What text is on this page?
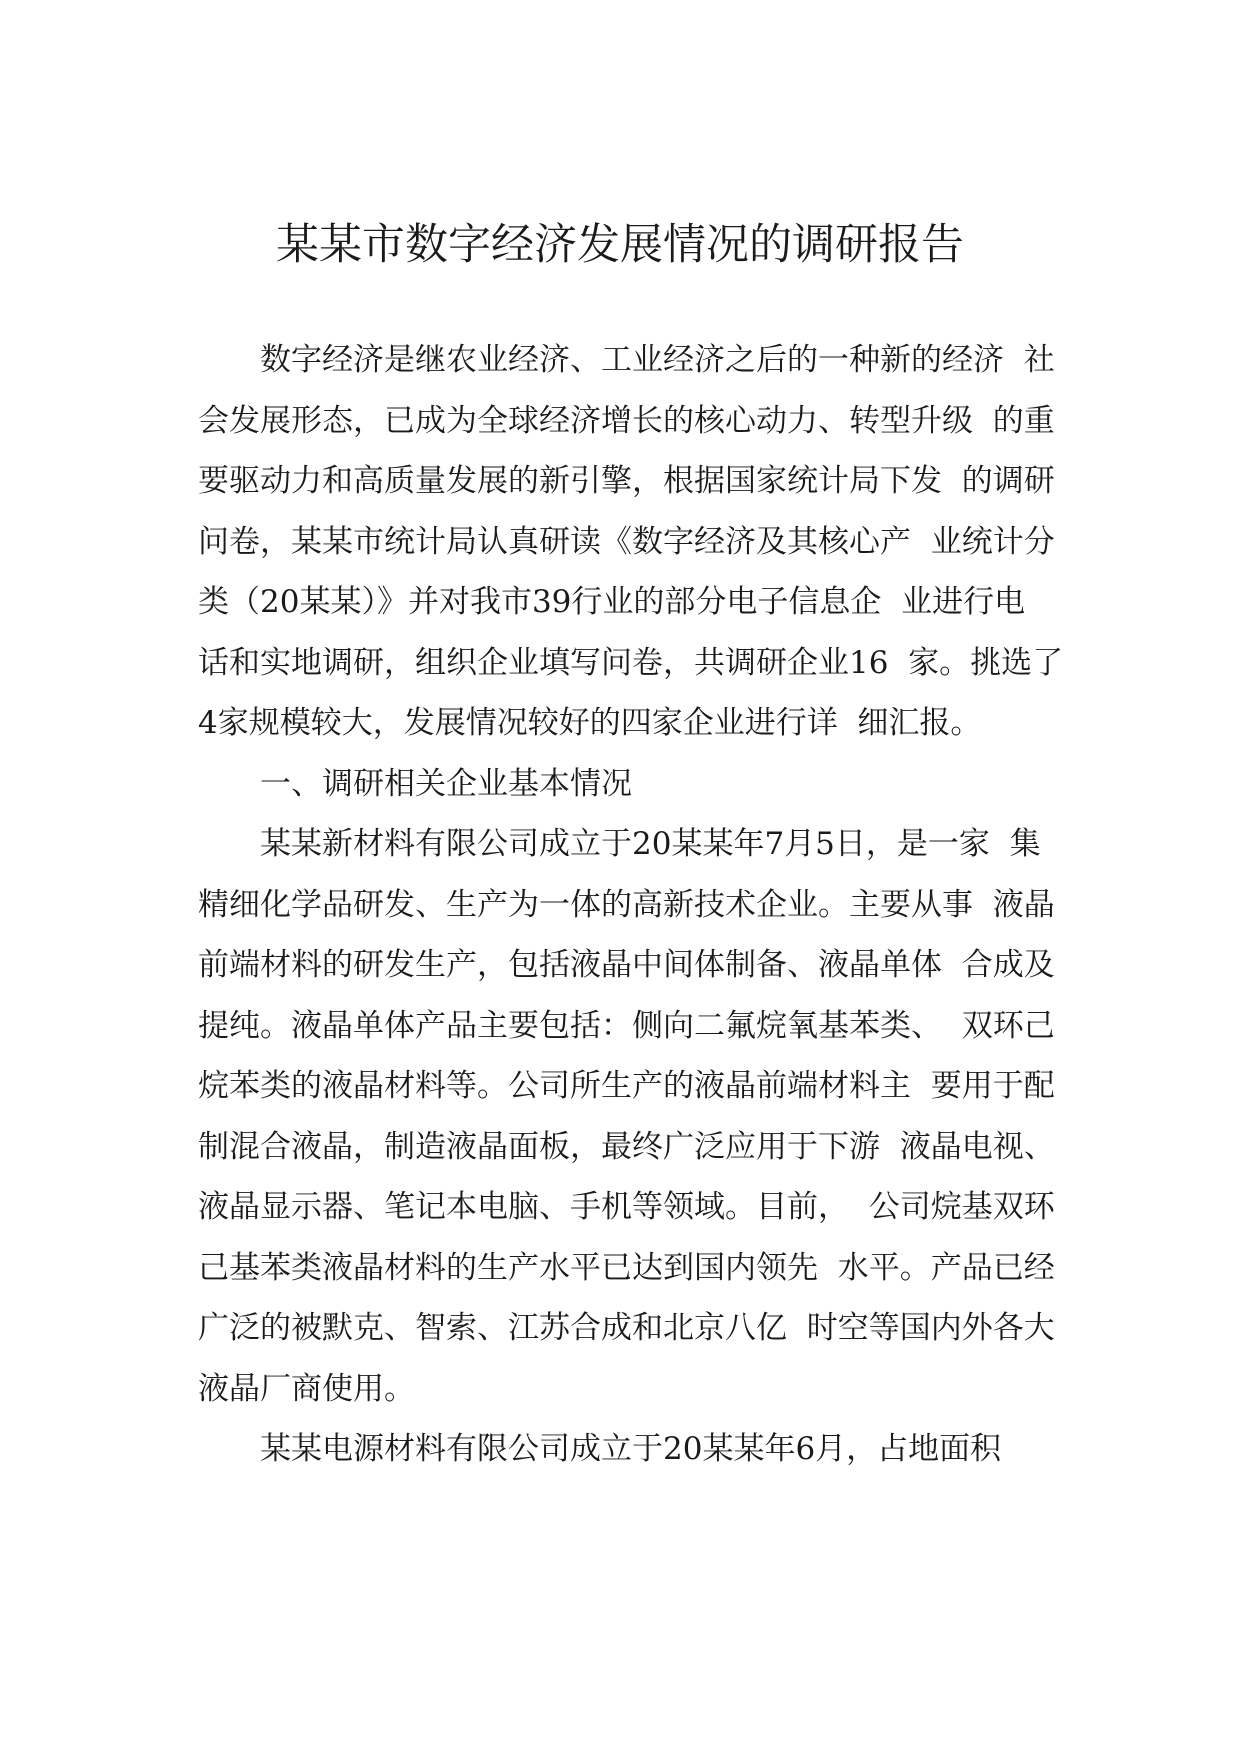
某某市数字经济发展情况的调研报告
数字经济是继农业经济、工业经济之后的一种新的经济  社
会发展形态，已成为全球经济增长的核心动力、转型升级  的重
要驱动力和高质量发展的新引擎，根据国家统计局下发  的调研
问卷，某某市统计局认真研读《数字经济及其核心产  业统计分
类（20某某）》并对我市39行业的部分电子信息企  业进行电
话和实地调研，组织企业填写问卷，共调研企业16  家。挑选了
4家规模较大，发展情况较好的四家企业进行详  细汇报。
一、调研相关企业基本情况
某某新材料有限公司成立于20某某年7月5日，是一家  集
精细化学品研发、生产为一体的高新技术企业。主要从事  液晶
前端材料的研发生产，包括液晶中间体制备、液晶单体  合成及
提纯。液晶单体产品主要包括：侧向二氟烷氧基苯类、  双环己
烷苯类的液晶材料等。公司所生产的液晶前端材料主  要用于配
制混合液晶，制造液晶面板，最终广泛应用于下游  液晶电视、
液晶显示器、笔记本电脑、手机等领域。目前，  公司烷基双环
己基苯类液晶材料的生产水平已达到国内领先  水平。产品已经
广泛的被默克、智索、江苏合成和北京八亿  时空等国内外各大
液晶厂商使用。
某某电源材料有限公司成立于20某某年6月，占地面积
